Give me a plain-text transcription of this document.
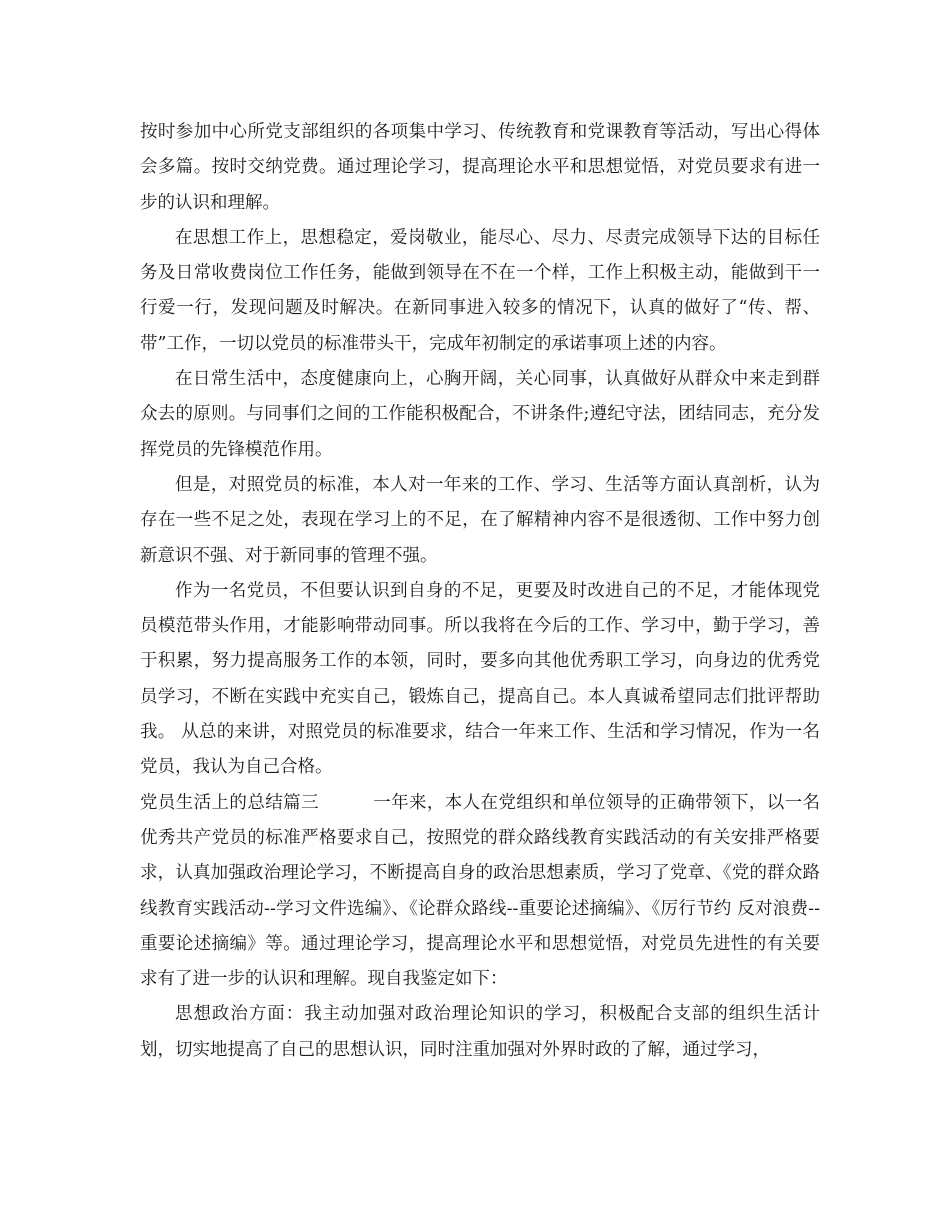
按时参加中心所党支部组织的各项集中学习、传统教育和党课教育等活动，写出心得体会多篇。按时交纳党费。通过理论学习，提高理论水平和思想觉悟，对党员要求有进一步的认识和理解。

在思想工作上，思想稳定，爱岗敬业，能尽心、尽力、尽责完成领导下达的目标任务及日常收费岗位工作任务，能做到领导在不在一个样，工作上积极主动，能做到干一行爱一行，发现问题及时解决。在新同事进入较多的情况下，认真的做好了“传、帮、带”工作，一切以党员的标准带头干，完成年初制定的承诺事项上述的内容。

在日常生活中，态度健康向上，心胸开阔，关心同事，认真做好从群众中来走到群众去的原则。与同事们之间的工作能积极配合，不讲条件;遵纪守法，团结同志，充分发挥党员的先锋模范作用。

但是，对照党员的标准，本人对一年来的工作、学习、生活等方面认真剖析，认为存在一些不足之处，表现在学习上的不足，在了解精神内容不是很透彻、工作中努力创新意识不强、对于新同事的管理不强。

作为一名党员，不但要认识到自身的不足，更要及时改进自己的不足，才能体现党员模范带头作用，才能影响带动同事。所以我将在今后的工作、学习中，勤于学习，善于积累，努力提高服务工作的本领，同时，要多向其他优秀职工学习，向身边的优秀党员学习，不断在实践中充实自己，锻炼自己，提高自己。本人真诚希望同志们批评帮助我。 从总的来讲，对照党员的标准要求，结合一年来工作、生活和学习情况，作为一名党员，我认为自己合格。

党员生活上的总结篇三	一年来，本人在党组织和单位领导的正确带领下，以一名优秀共产党员的标准严格要求自己，按照党的群众路线教育实践活动的有关安排严格要求，认真加强政治理论学习，不断提高自身的政治思想素质，学习了党章、《党的群众路线教育实践活动--学习文件选编》、《论群众路线--重要论述摘编》、《厉行节约 反对浪费--重要论述摘编》等。通过理论学习，提高理论水平和思想觉悟，对党员先进性的有关要求有了进一步的认识和理解。现自我鉴定如下：

思想政治方面：我主动加强对政治理论知识的学习，积极配合支部的组织生活计划，切实地提高了自己的思想认识，同时注重加强对外界时政的了解，通过学习，
